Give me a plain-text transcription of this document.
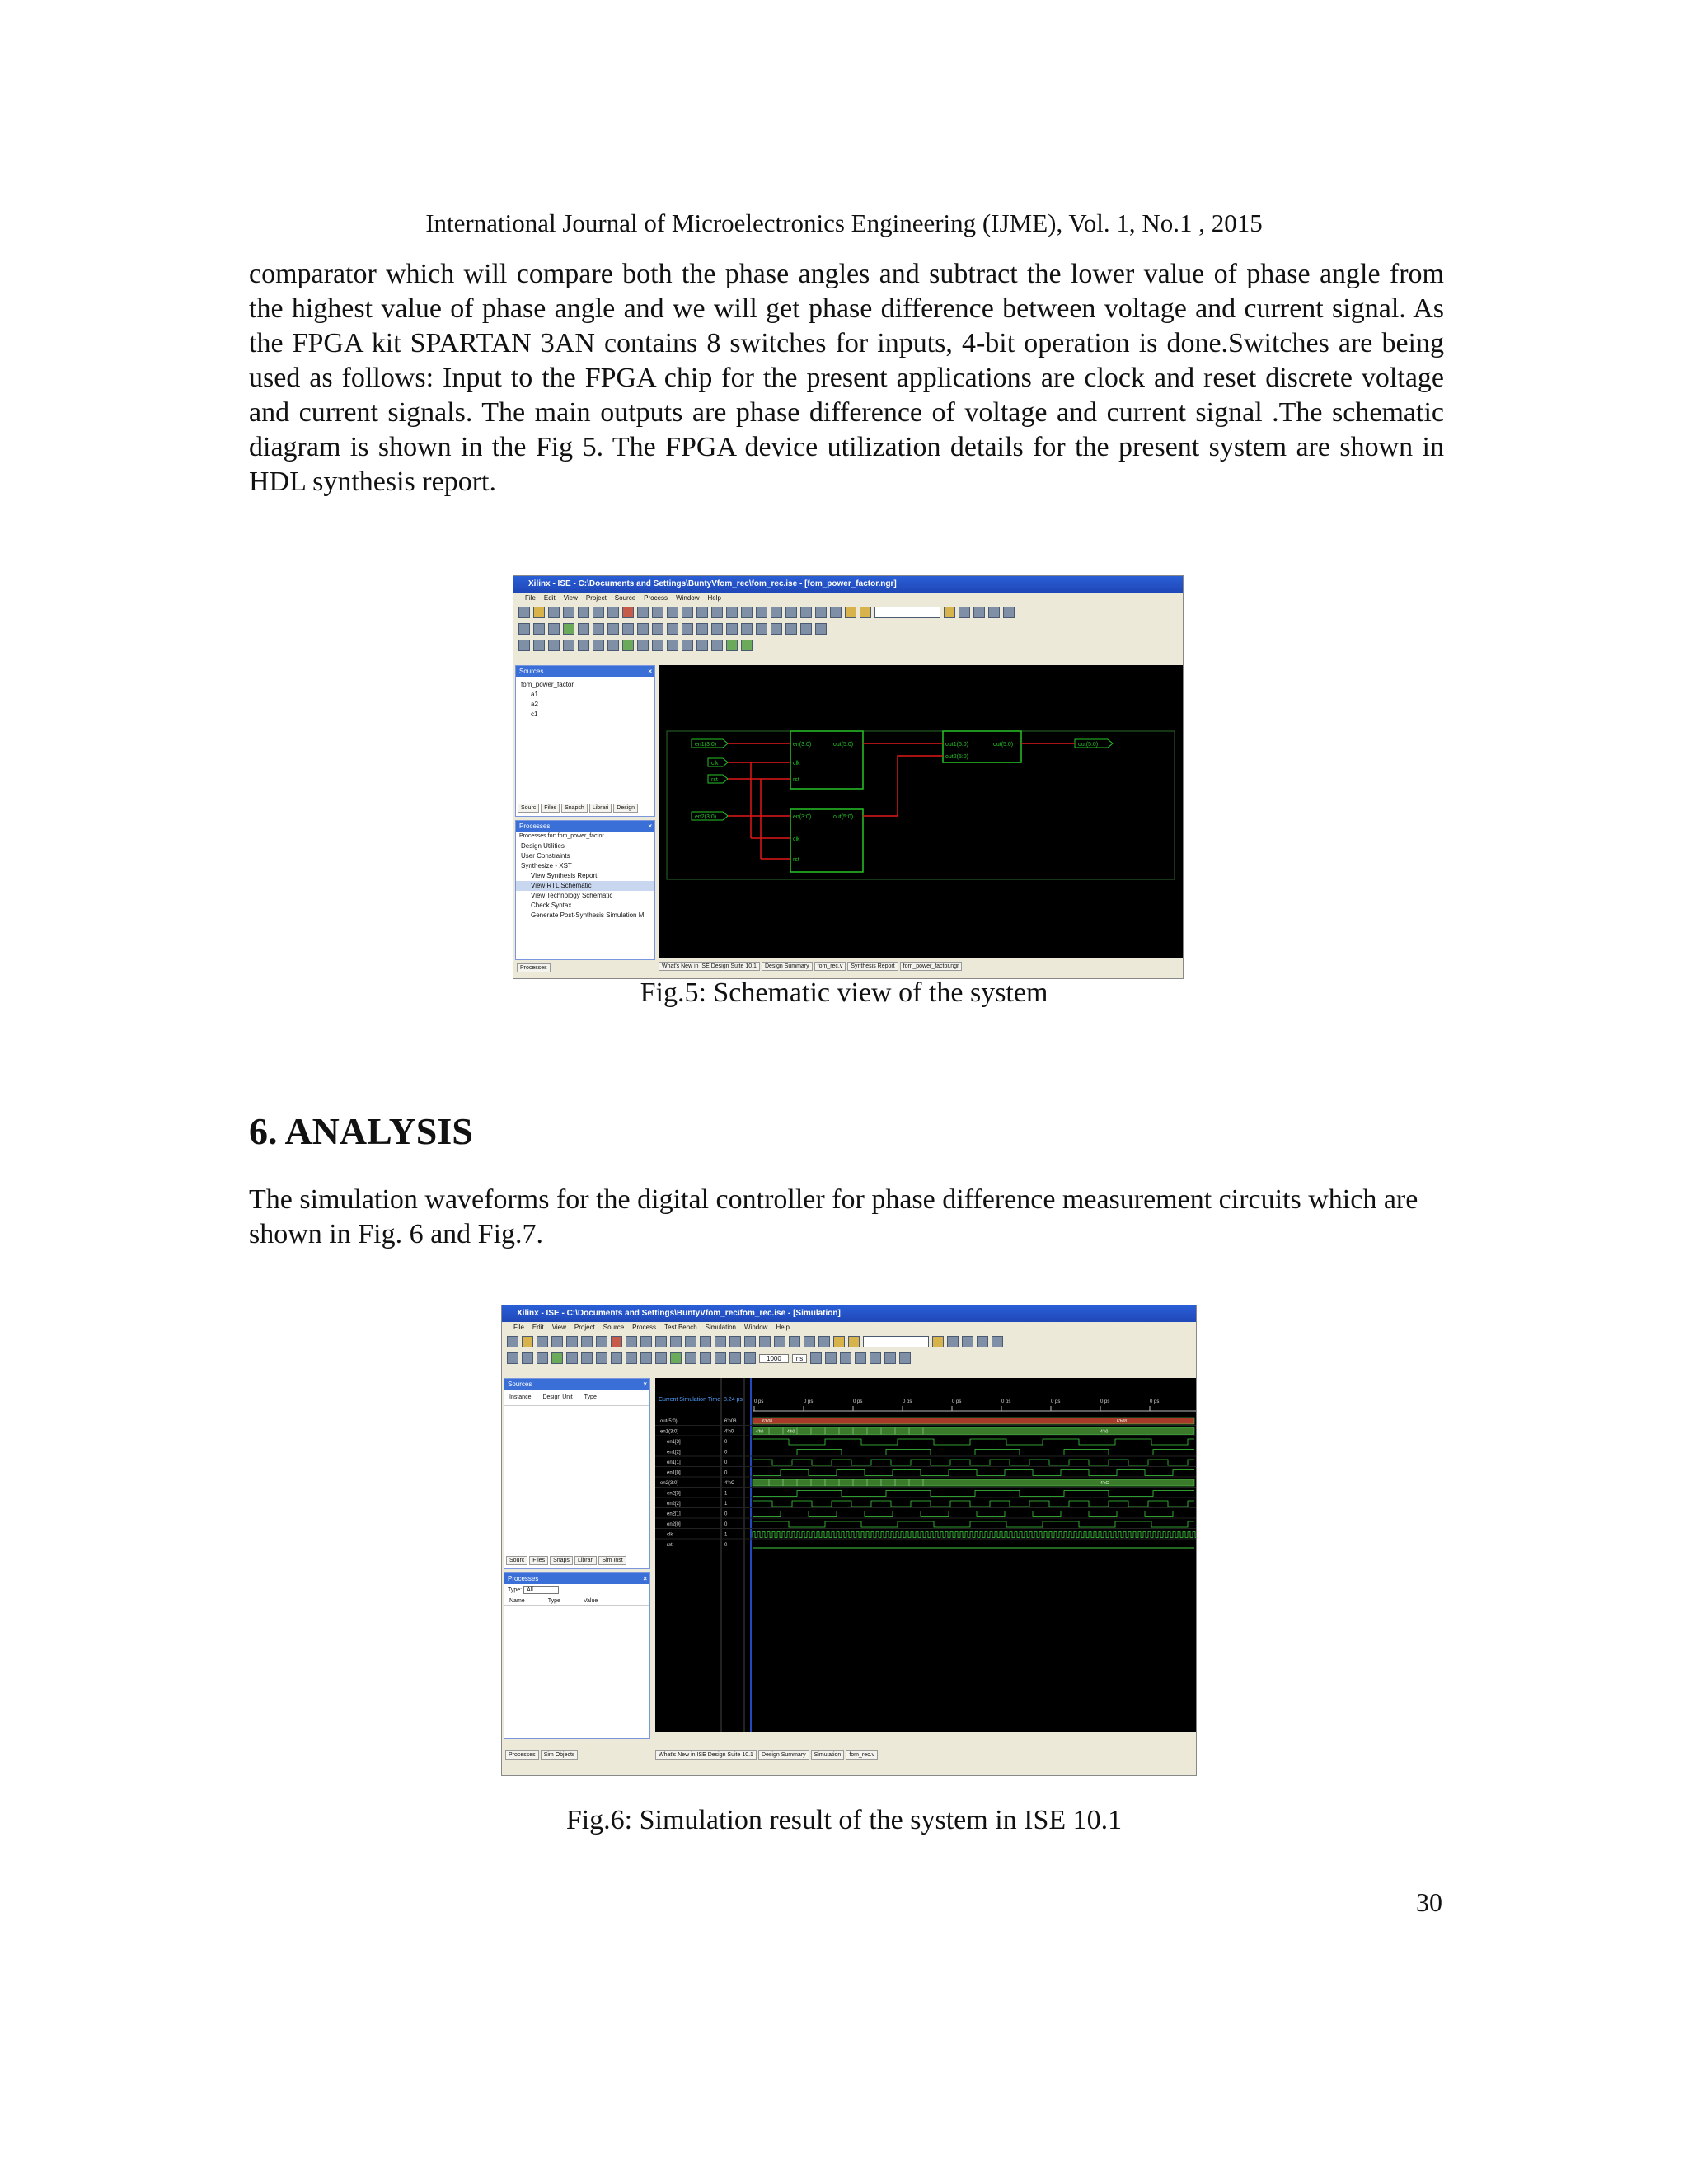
International Journal of Microelectronics Engineering (IJME), Vol. 1, No.1 , 2015
comparator which will compare both the phase angles and subtract the lower value of phase angle from the highest value of phase angle and we will get phase difference between voltage and current signal. As the FPGA kit SPARTAN 3AN contains 8 switches for inputs, 4-bit operation is done.Switches are being used as follows: Input to the FPGA chip for the present applications are clock and reset discrete voltage and current signals. The main outputs are phase difference of voltage and current signal .The schematic diagram is shown in the Fig 5. The FPGA device utilization details for the present system are shown in HDL synthesis report.
Xilinx - ISE - C:\Documents and Settings\BuntyVfom_rec\fom_rec.ise - [fom_power_factor.ngr]
File Edit View Project Source Process Window Help
Sources	×
fom_power_factor
a1
a2
c1
Sourc	Files	Snapsh	Librari	Design
Processes	×
Processes for: fom_power_factor
Design Utilities
User Constraints
Synthesize - XST
View Synthesis Report
View RTL Schematic
View Technology Schematic
Check Syntax
Generate Post-Synthesis Simulation M
Processes
en1(3:0)
clk
rst
en2(3:0)
out(5:0)
en(3:0)
clk
rst
out(5:0)
en(3:0)
clk
rst
out(5:0)
out1(5:0)
out2(5:0)
out(5:0)
What's New in ISE Design Suite 10.1	Design Summary	fom_rec.v	Synthesis Report	fom_power_factor.ngr
Fig.5: Schematic view of the system
6. ANALYSIS
The simulation waveforms for the digital controller for phase difference measurement circuits which are shown in Fig. 6 and Fig.7.
Xilinx - ISE - C:\Documents and Settings\BuntyVfom_rec\fom_rec.ise - [Simulation]
File Edit View Project Source Process Test Bench Simulation Window Help
1000	ns
Sources	×
Instance Design Unit Type
Sourc	Files	Snaps	Librari	Sim Inst
Processes	×
Type: All
Name	Type	Value
Processes	Sim Objects
Current Simulation Time: 8.24 ps 0 ps	0 ps	0 ps	0 ps	0 ps	0 ps	0 ps	0 ps	0 ps
out(5:0)	6'h08
en1(3:0)	4'h0
en1[3]	0
en1[2]	0
en1[1]	0
en1[0]	0
en2(3:0)	4'hC
en2[3]	1
en2[2]	1
en2[1]	0
en2[0]	0
clk	1
rst	0
6'h08	6'h08
4'h0	4'h0	4'h0
4'hC
What's New in ISE Design Suite 10.1	Design Summary	Simulation	fom_rec.v
Fig.6: Simulation result of the system in ISE 10.1
30
